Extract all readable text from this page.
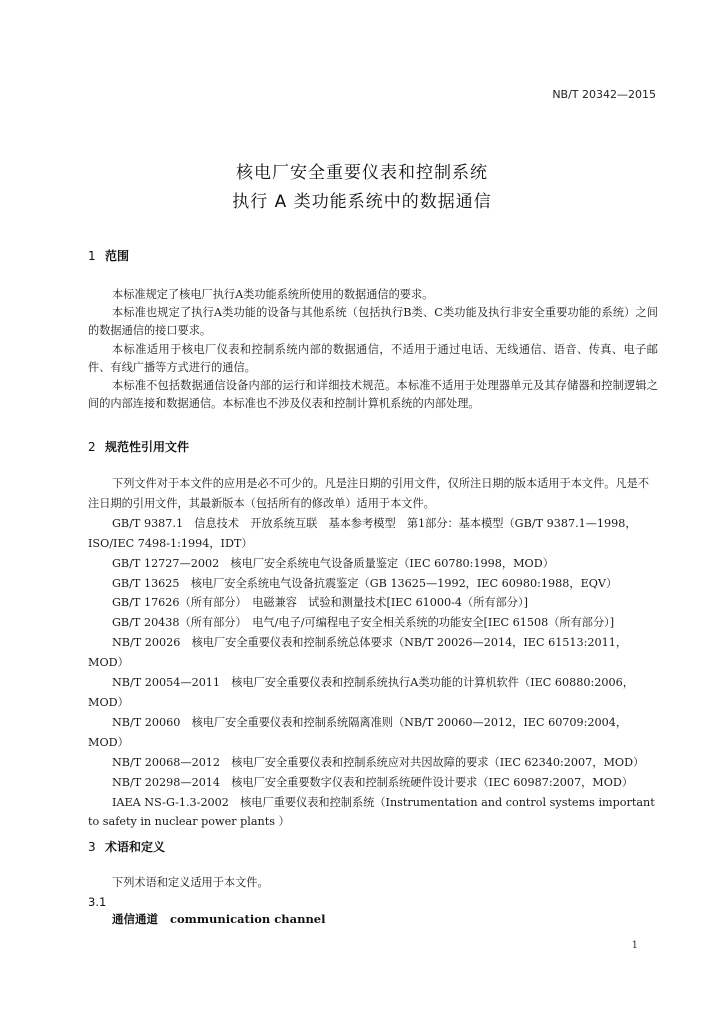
NB/T 20342—2015
核电厂安全重要仪表和控制系统
执行 A 类功能系统中的数据通信
1 范围

本标准规定了核电厂执行A类功能系统所使用的数据通信的要求。

本标准也规定了执行A类功能的设备与其他系统（包括执行B类、C类功能及执行非安全重要功能的系统）之间的数据通信的接口要求。

本标准适用于核电厂仪表和控制系统内部的数据通信，不适用于通过电话、无线通信、语音、传真、电子邮件、有线广播等方式进行的通信。

本标准不包括数据通信设备内部的运行和详细技术规范。本标准不适用于处理器单元及其存储器和控制逻辑之间的内部连接和数据通信。本标准也不涉及仪表和控制计算机系统的内部处理。

2 规范性引用文件

下列文件对于本文件的应用是必不可少的。凡是注日期的引用文件，仅所注日期的版本适用于本文件。凡是不注日期的引用文件，其最新版本（包括所有的修改单）适用于本文件。

GB/T 9387.1　信息技术　开放系统互联　基本参考模型　第1部分：基本模型（GB/T 9387.1—1998，ISO/IEC 7498-1:1994，IDT）

GB/T 12727—2002　核电厂安全系统电气设备质量鉴定（IEC 60780:1998，MOD）

GB/T 13625　核电厂安全系统电气设备抗震鉴定（GB 13625—1992，IEC 60980:1988，EQV）

GB/T 17626（所有部分）　电磁兼容　试验和测量技术[IEC 61000-4（所有部分）]

GB/T 20438（所有部分）　电气/电子/可编程电子安全相关系统的功能安全[IEC 61508（所有部分）]

NB/T 20026　核电厂安全重要仪表和控制系统总体要求（NB/T 20026—2014，IEC 61513:2011，MOD）

NB/T 20054—2011　核电厂安全重要仪表和控制系统执行A类功能的计算机软件（IEC 60880:2006，MOD）

NB/T 20060　核电厂安全重要仪表和控制系统隔离准则（NB/T 20060—2012，IEC 60709:2004，MOD）

NB/T 20068—2012　核电厂安全重要仪表和控制系统应对共因故障的要求（IEC 62340:2007，MOD）

NB/T 20298—2014　核电厂安全重要数字仪表和控制系统硬件设计要求（IEC 60987:2007，MOD）

IAEA NS-G-1.3-2002　核电厂重要仪表和控制系统（Instrumentation and control systems important to safety in nuclear power plants ）

3 术语和定义

下列术语和定义适用于本文件。

3.1
通信通道 communication channel
1
